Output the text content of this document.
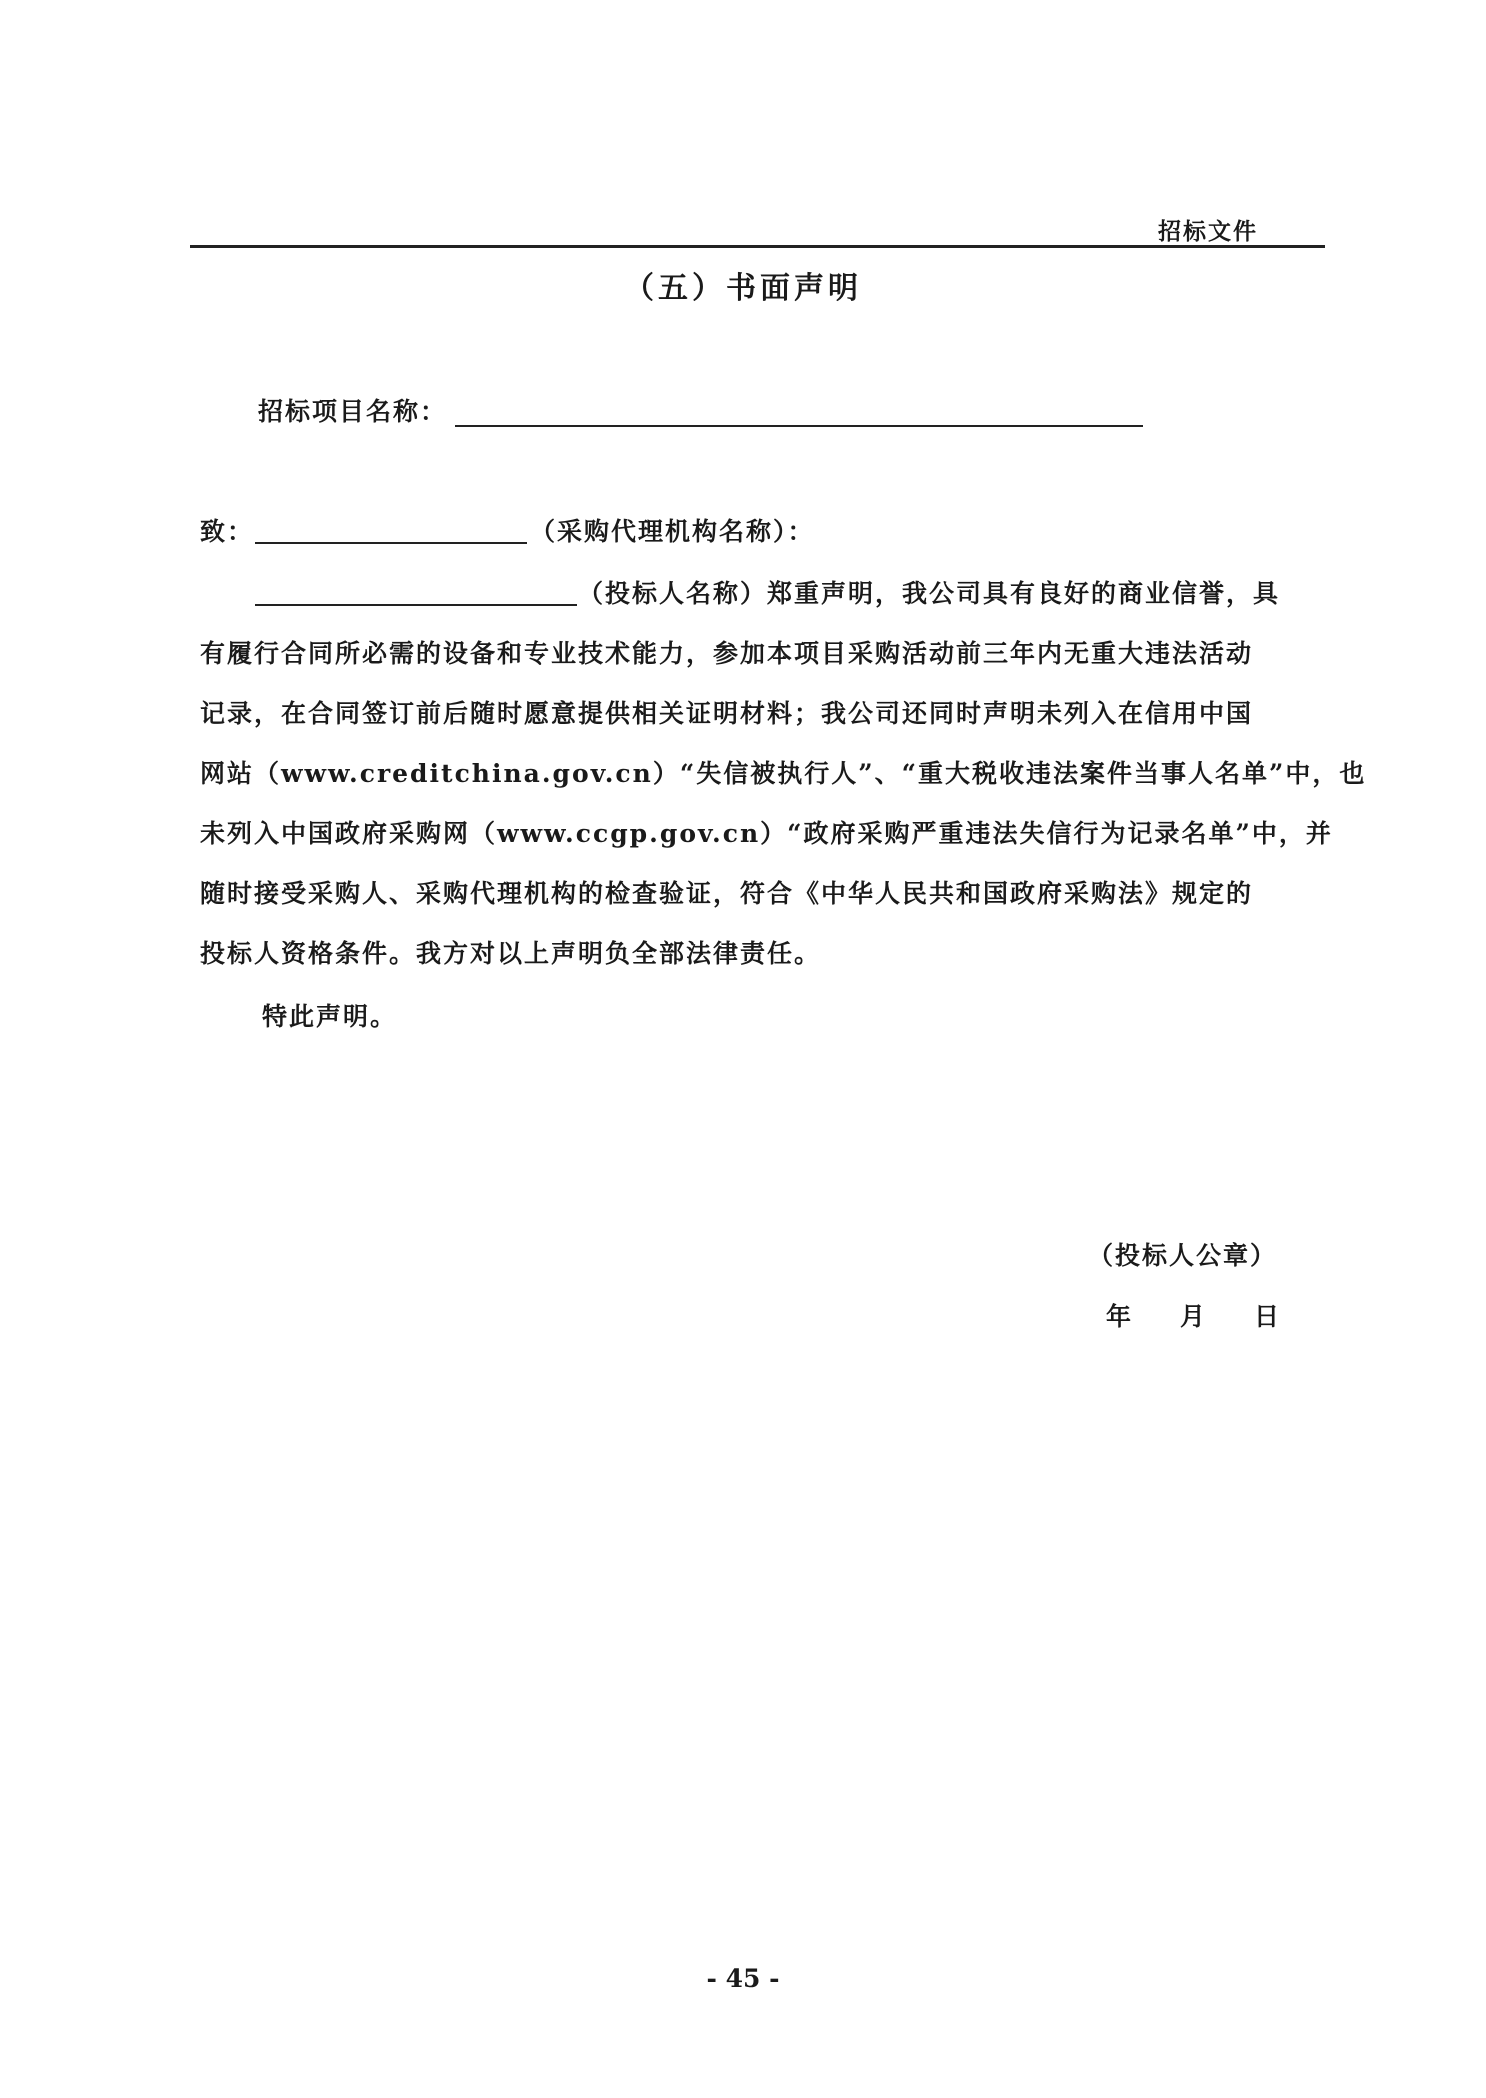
招标文件
（五）书面声明
招标项目名称：
致：	（采购代理机构名称）：
（投标人名称）郑重声明，我公司具有良好的商业信誉，具
有履行合同所必需的设备和专业技术能力，参加本项目采购活动前三年内无重大违法活动
记录，在合同签订前后随时愿意提供相关证明材料；我公司还同时声明未列入在信用中国
网站（www.creditchina.gov.cn）“失信被执行人”、“重大税收违法案件当事人名单”中，也
未列入中国政府采购网（www.ccgp.gov.cn）“政府采购严重违法失信行为记录名单”中，并
随时接受采购人、采购代理机构的检查验证，符合《中华人民共和国政府采购法》规定的
投标人资格条件。我方对以上声明负全部法律责任。
特此声明。
（投标人公章）
年 月 日
- 45 -
